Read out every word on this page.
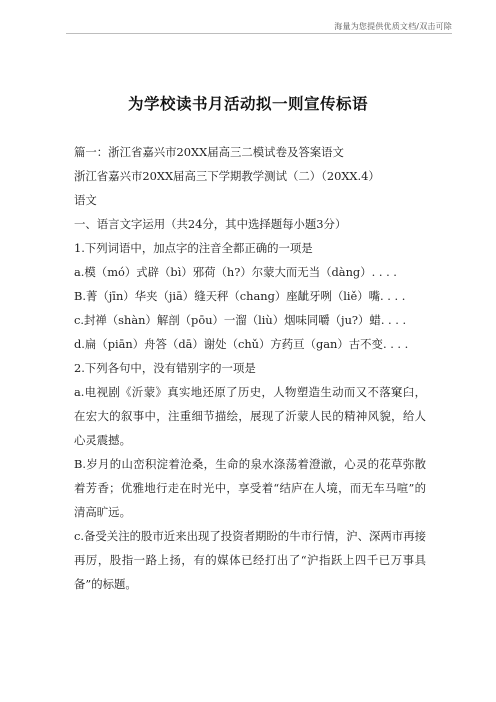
海量为您提供优质文档/双击可除
为学校读书月活动拟一则宣传标语

篇一：浙江省嘉兴市20XX届高三二模试卷及答案语文

浙江省嘉兴市20XX届高三下学期教学测试（二）（20XX.4）

语文

一、语言文字运用（共24分，其中选择题每小题3分）

1.下列词语中，加点字的注音全都正确的一项是

a.模（mó）式辟（bì）邪荷（h?）尔蒙大而无当（dàng）. . . .

B.菁（jīn）华夹（jiā）缝天秤（chang）座龇牙咧（liě）嘴. . . .

c.封禅（shàn）解剖（pōu）一溜（liù）烟味同嚼（ju?）蜡. . . .

d.扁（piān）舟答（dā）谢处（chǔ）方药亘（gan）古不变. . . .

2.下列各句中，没有错别字的一项是

a.电视剧《沂蒙》真实地还原了历史，人物塑造生动而又不落窠臼，在宏大的叙事中，注重细节描绘，展现了沂蒙人民的精神风貌，给人心灵震撼。

B.岁月的山峦积淀着沧桑，生命的泉水涤荡着澄澈，心灵的花草弥散着芳香；优雅地行走在时光中，享受着“结庐在人境，而无车马喧”的清高旷远。

c.备受关注的股市近来出现了投资者期盼的牛市行情，沪、深两市再接再厉，股指一路上扬，有的媒体已经打出了“沪指跃上四千已万事具备”的标题。
